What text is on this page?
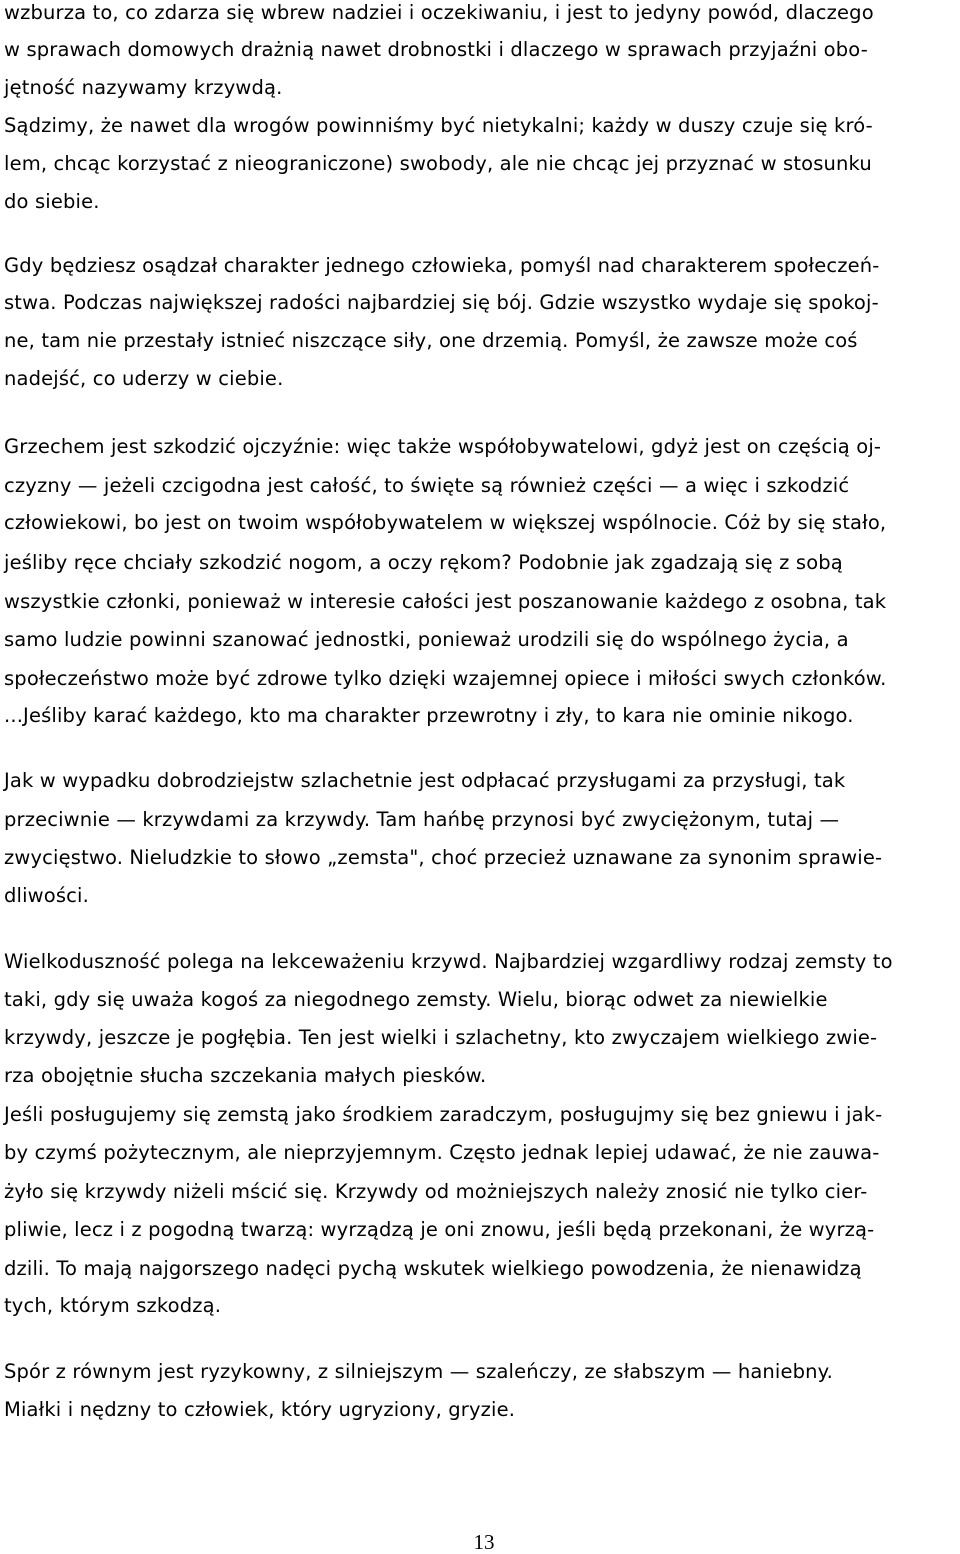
wzburza to, co zdarza się wbrew nadziei i oczekiwaniu, i jest to jedyny powód, dlaczego
w sprawach domowych drażnią nawet drobnostki i dlaczego w sprawach przyjaźni obo-
jętność nazywamy krzywdą.
Sądzimy, że nawet dla wrogów powinniśmy być nietykalni; każdy w duszy czuje się kró-
lem, chcąc korzystać z nieograniczone) swobody, ale nie chcąc jej przyznać w stosunku
do siebie.
Gdy będziesz osądzał charakter jednego człowieka, pomyśl nad charakterem społeczeń-
stwa. Podczas największej radości najbardziej się bój. Gdzie wszystko wydaje się spokoj-
ne, tam nie przestały istnieć niszczące siły, one drzemią. Pomyśl, że zawsze może coś
nadejść, co uderzy w ciebie.
Grzechem jest szkodzić ojczyźnie: więc także współobywatelowi, gdyż jest on częścią oj-
czyzny — jeżeli czcigodna jest całość, to święte są również części — a więc i szkodzić
człowiekowi, bo jest on twoim współobywatelem w większej wspólnocie. Cóż by się stało,
jeśliby ręce chciały szkodzić nogom, a oczy rękom? Podobnie jak zgadzają się z sobą
wszystkie członki, ponieważ w interesie całości jest poszanowanie każdego z osobna, tak
samo ludzie powinni szanować jednostki, ponieważ urodzili się do wspólnego życia, a
społeczeństwo może być zdrowe tylko dzięki wzajemnej opiece i miłości swych członków.
...Jeśliby karać każdego, kto ma charakter przewrotny i zły, to kara nie ominie nikogo.
Jak w wypadku dobrodziejstw szlachetnie jest odpłacać przysługami za przysługi, tak
przeciwnie — krzywdami za krzywdy. Tam hańbę przynosi być zwyciężonym, tutaj —
zwycięstwo. Nieludzkie to słowo „zemsta", choć przecież uznawane za synonim sprawie-
dliwości.
Wielkoduszność polega na lekceważeniu krzywd. Najbardziej wzgardliwy rodzaj zemsty to
taki, gdy się uważa kogoś za niegodnego zemsty. Wielu, biorąc odwet za niewielkie
krzywdy, jeszcze je pogłębia. Ten jest wielki i szlachetny, kto zwyczajem wielkiego zwie-
rza obojętnie słucha szczekania małych piesków.
Jeśli posługujemy się zemstą jako środkiem zaradczym, posługujmy się bez gniewu i jak-
by czymś pożytecznym, ale nieprzyjemnym. Często jednak lepiej udawać, że nie zauwa-
żyło się krzywdy niżeli mścić się. Krzywdy od możniejszych należy znosić nie tylko cier-
pliwie, lecz i z pogodną twarzą: wyrządzą je oni znowu, jeśli będą przekonani, że wyrzą-
dzili. To mają najgorszego nadęci pychą wskutek wielkiego powodzenia, że nienawidzą
tych, którym szkodzą.
Spór z równym jest ryzykowny, z silniejszym — szaleńczy, ze słabszym — haniebny.
Miałki i nędzny to człowiek, który ugryziony, gryzie.
13
